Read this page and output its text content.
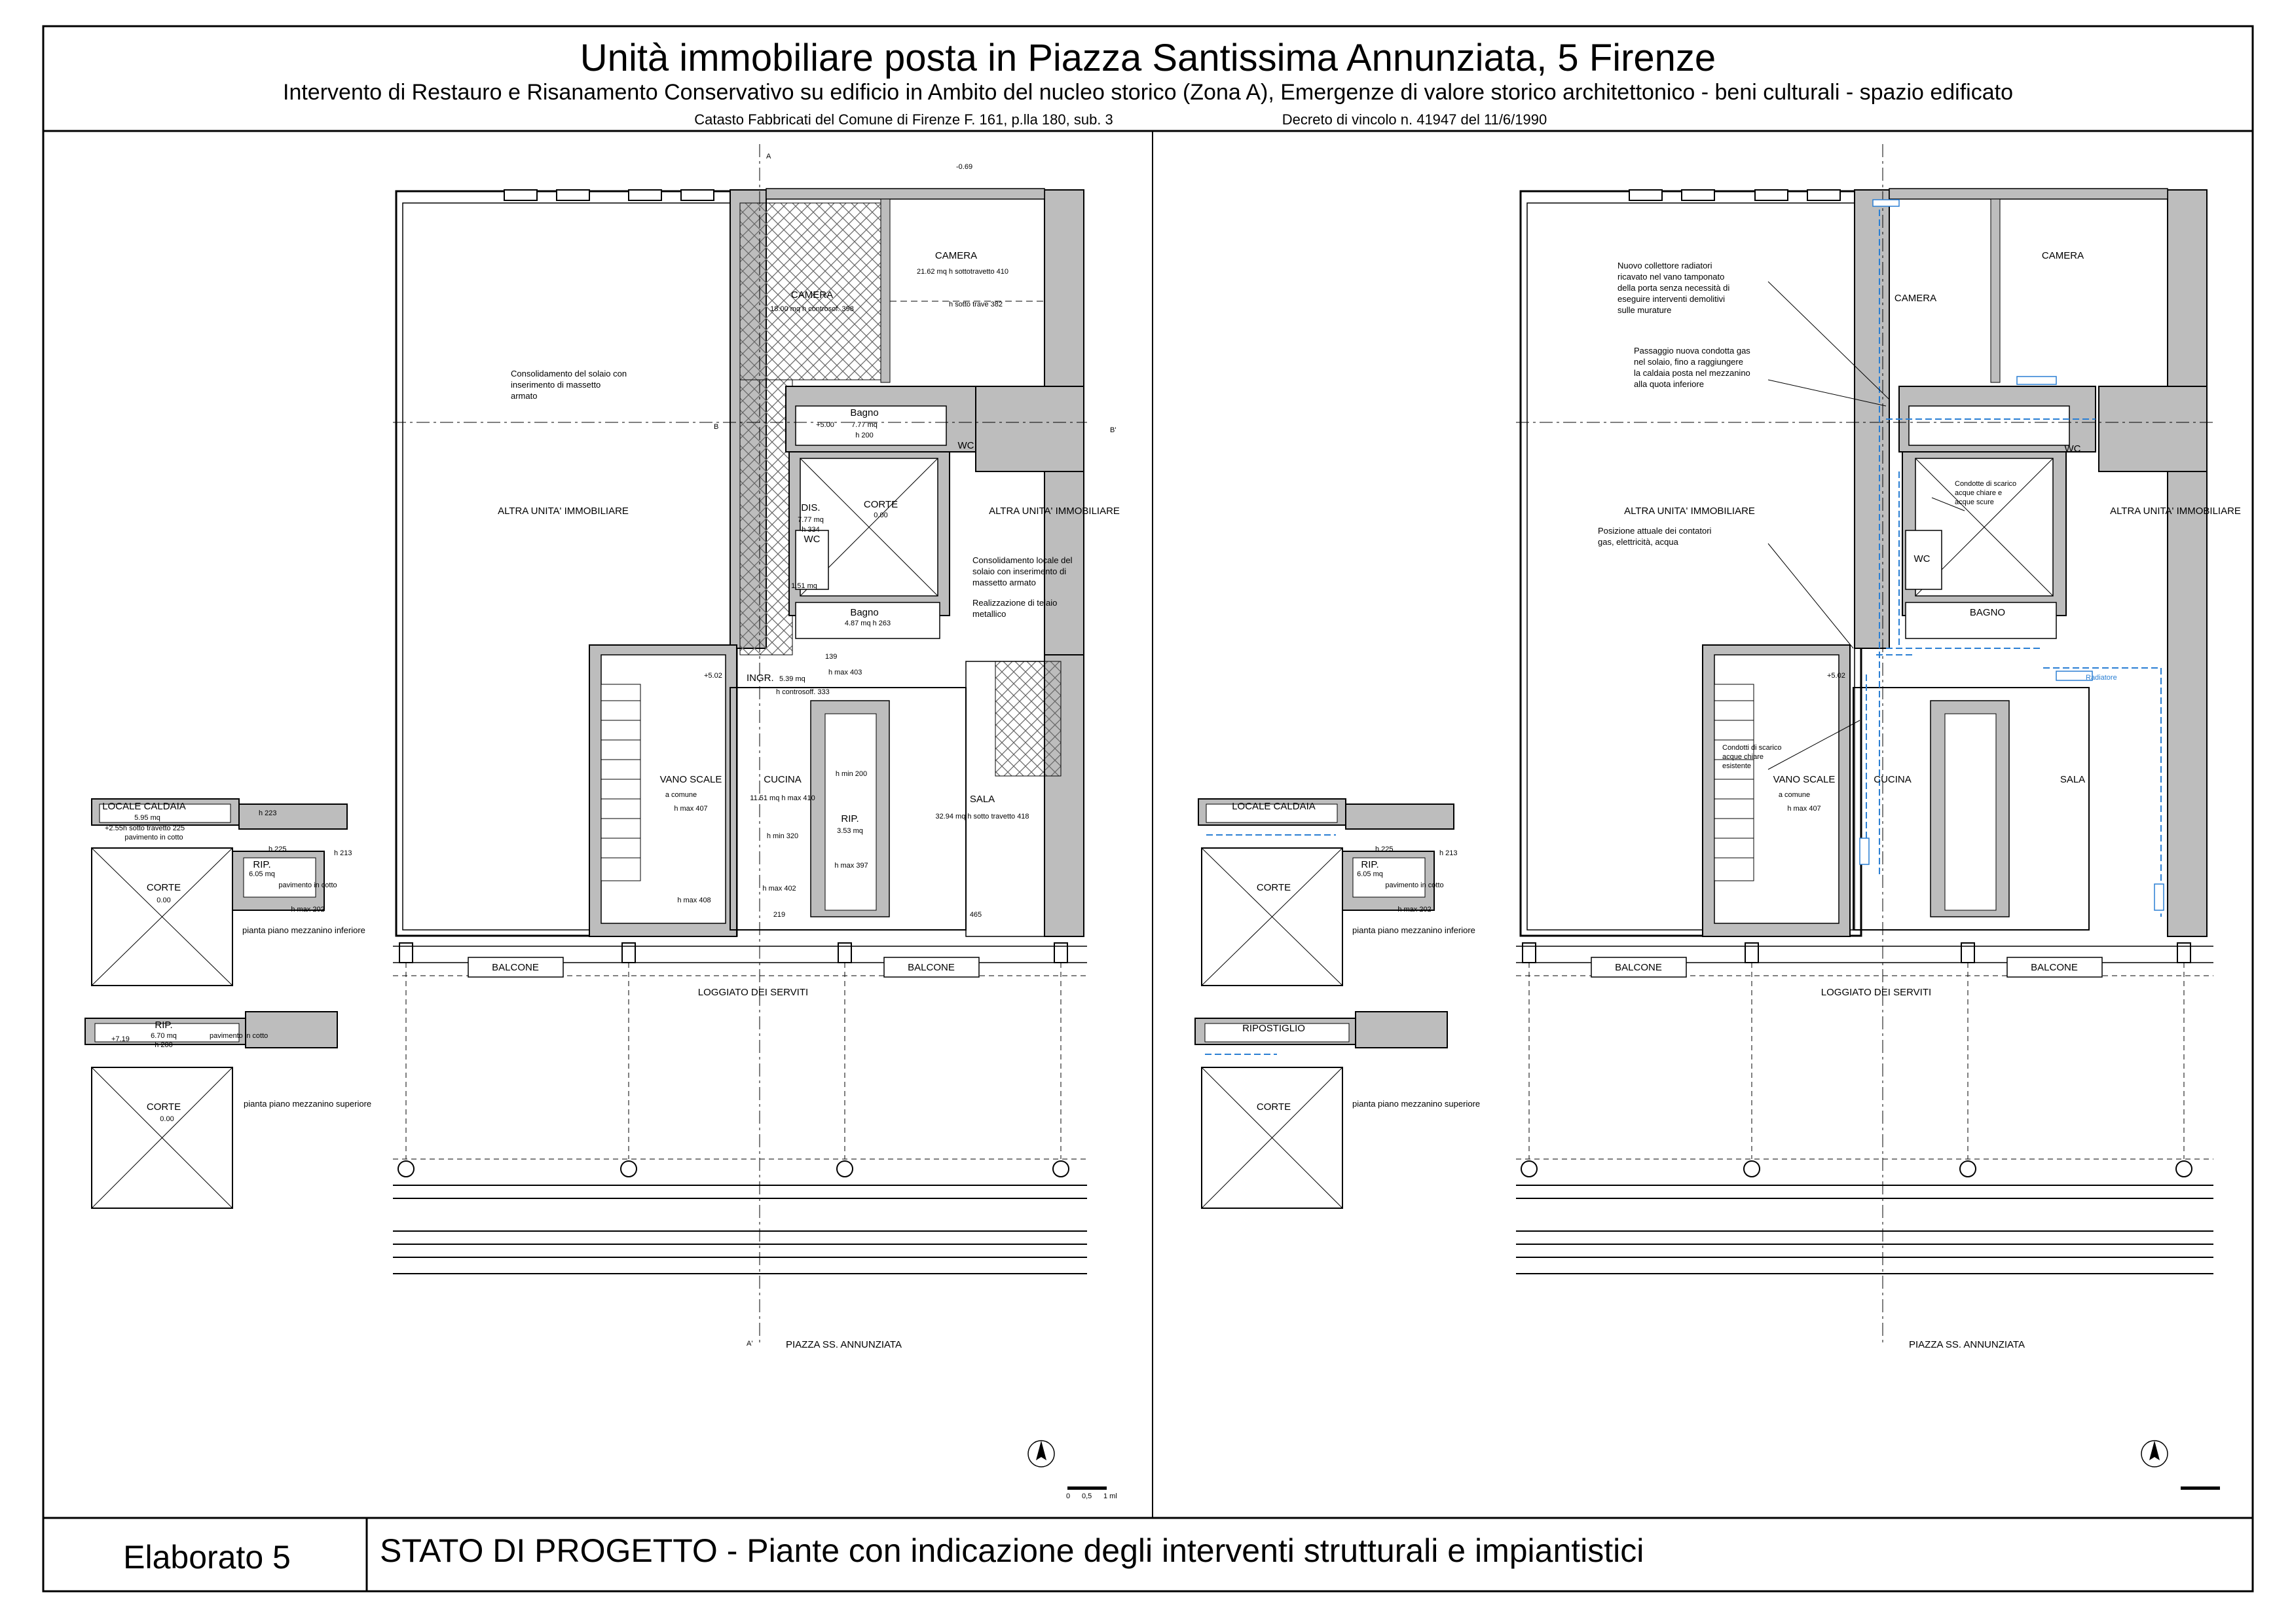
Unità immobiliare posta in Piazza Santissima Annunziata, 5 Firenze
Intervento di Restauro e Risanamento Conservativo su edificio in Ambito del nucleo storico (Zona A), Emergenze di valore storico architettonico - beni culturali - spazio edificato
Catasto Fabbricati del Comune di Firenze F. 161, p.lla 180, sub. 3	Decreto di vincolo n. 41947 del 11/6/1990
Elaborato 5	STATO DI PROGETTO - Piante con indicazione degli interventi strutturali e impiantistici
A
-0.69
CAMERA
21.62 mq h sottotravetto 410
h sotto trave 382
CAMERA
18.00 mq h controsof. 398
Bagno
7.77 mq
h 200
+5.00
WC
DIS.
7.77 mq
h 334
CORTE
0.00
WC
1.51 mq
Bagno
4.87 mq h 263
ALTRA UNITA' IMMOBILIARE	ALTRA UNITA' IMMOBILIARE
Consolidamento del solaio con
inserimento di massetto
armato
Consolidamento locale del
solaio con inserimento di
massetto armato
Realizzazione di telaio
metallico
INGR. 5.39 mq
h controsoff. 333
+5.02	h max 403
139
VANO SCALE
a comune
h max 407
h max 408
CUCINA
11.51 mq h max 410
h min 320
h max 402
h min 200
RIP.
3.53 mq
h max 397
SALA
32.94 mq h sotto travetto 418
219	465
BALCONE	BALCONE
LOGGIATO DEI SERVITI
A'	PIAZZA SS. ANNUNZIATA
B	B'
0 0,5 1 ml
LOCALE CALDAIA
5.95 mq
h sotto travetto 225
pavimento in cotto
+2.55
h 223
h 225	h 213
RIP.
6.05 mq
pavimento in cotto
h max 202
CORTE
0.00
pianta piano mezzanino inferiore
RIP.
6.70 mq
h 200
+7.19	pavimento in cotto
CORTE
0.00
pianta piano mezzanino superiore
CAMERA
CAMERA
WC
WC
BAGNO
ALTRA UNITA' IMMOBILIARE	ALTRA UNITA' IMMOBILIARE
VANO SCALE
a comune
h max 407
CUCINA	SALA
+5.02
BALCONE	BALCONE
LOGGIATO DEI SERVITI
PIAZZA SS. ANNUNZIATA
Radiatore
Nuovo collettore radiatori
ricavato nel vano tamponato
della porta senza necessità di
eseguire interventi demolitivi
sulle murature
Passaggio nuova condotta gas
nel solaio, fino a raggiungere
la caldaia posta nel mezzanino
alla quota inferiore
Posizione attuale dei contatori
gas, elettricità, acqua
Condotte di scarico
acque chiare e
acque scure
Condotti di scarico
acque chiare
esistente
LOCALE CALDAIA
h 225	h 213
RIP.
6.05 mq
pavimento in cotto
h max 202
CORTE
pianta piano mezzanino inferiore
RIPOSTIGLIO
CORTE	pianta piano mezzanino superiore
